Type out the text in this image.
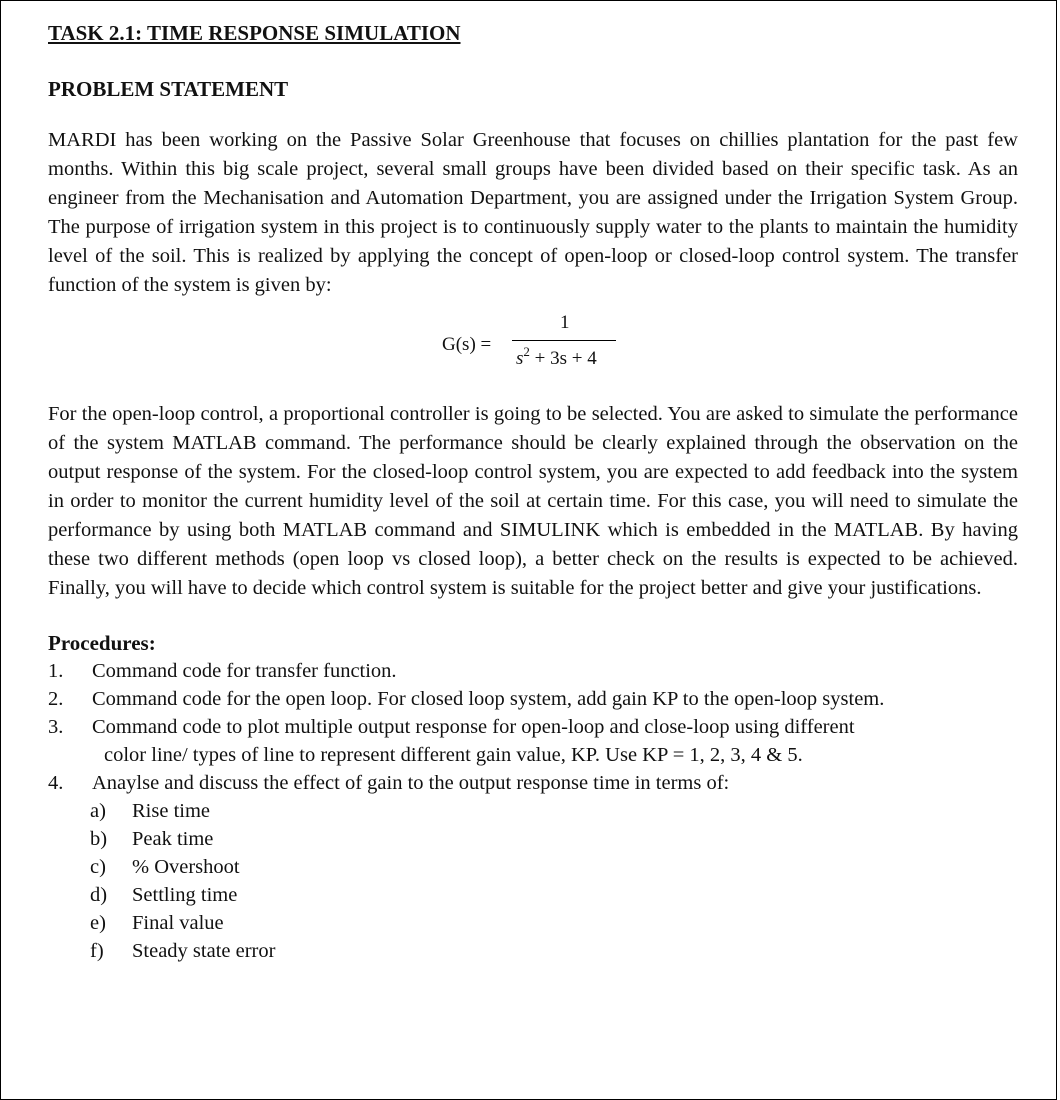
TASK 2.1: TIME RESPONSE SIMULATION
PROBLEM STATEMENT

MARDI has been working on the Passive Solar Greenhouse that focuses on chillies plantation for the past few months. Within this big scale project, several small groups have been divided based on their specific task. As an engineer from the Mechanisation and Automation Department, you are assigned under the Irrigation System Group. The purpose of irrigation system in this project is to continuously supply water to the plants to maintain the humidity level of the soil. This is realized by applying the concept of open-loop or closed-loop control system. The transfer function of the system is given by:

G(s) =
1
$s^2 + 3s + 4$

For the open-loop control, a proportional controller is going to be selected. You are asked to simulate the performance of the system MATLAB command. The performance should be clearly explained through the observation on the output response of the system. For the closed-loop control system, you are expected to add feedback into the system in order to monitor the current humidity level of the soil at certain time. For this case, you will need to simulate the performance by using both MATLAB command and SIMULINK which is embedded in the MATLAB. By having these two different methods (open loop vs closed loop), a better check on the results is expected to be achieved. Finally, you will have to decide which control system is suitable for the project better and give your justifications.

Procedures:
1. Command code for transfer function.
2. Command code for the open loop. For closed loop system, add gain KP to the open-loop system.
3. Command code to plot multiple output response for open-loop and close-loop using different
color line/ types of line to represent different gain value, KP. Use KP = 1, 2, 3, 4 & 5.
4. Anaylse and discuss the effect of gain to the output response time in terms of:
a) Rise time
b) Peak time
c) % Overshoot
d) Settling time
e) Final value
f) Steady state error
